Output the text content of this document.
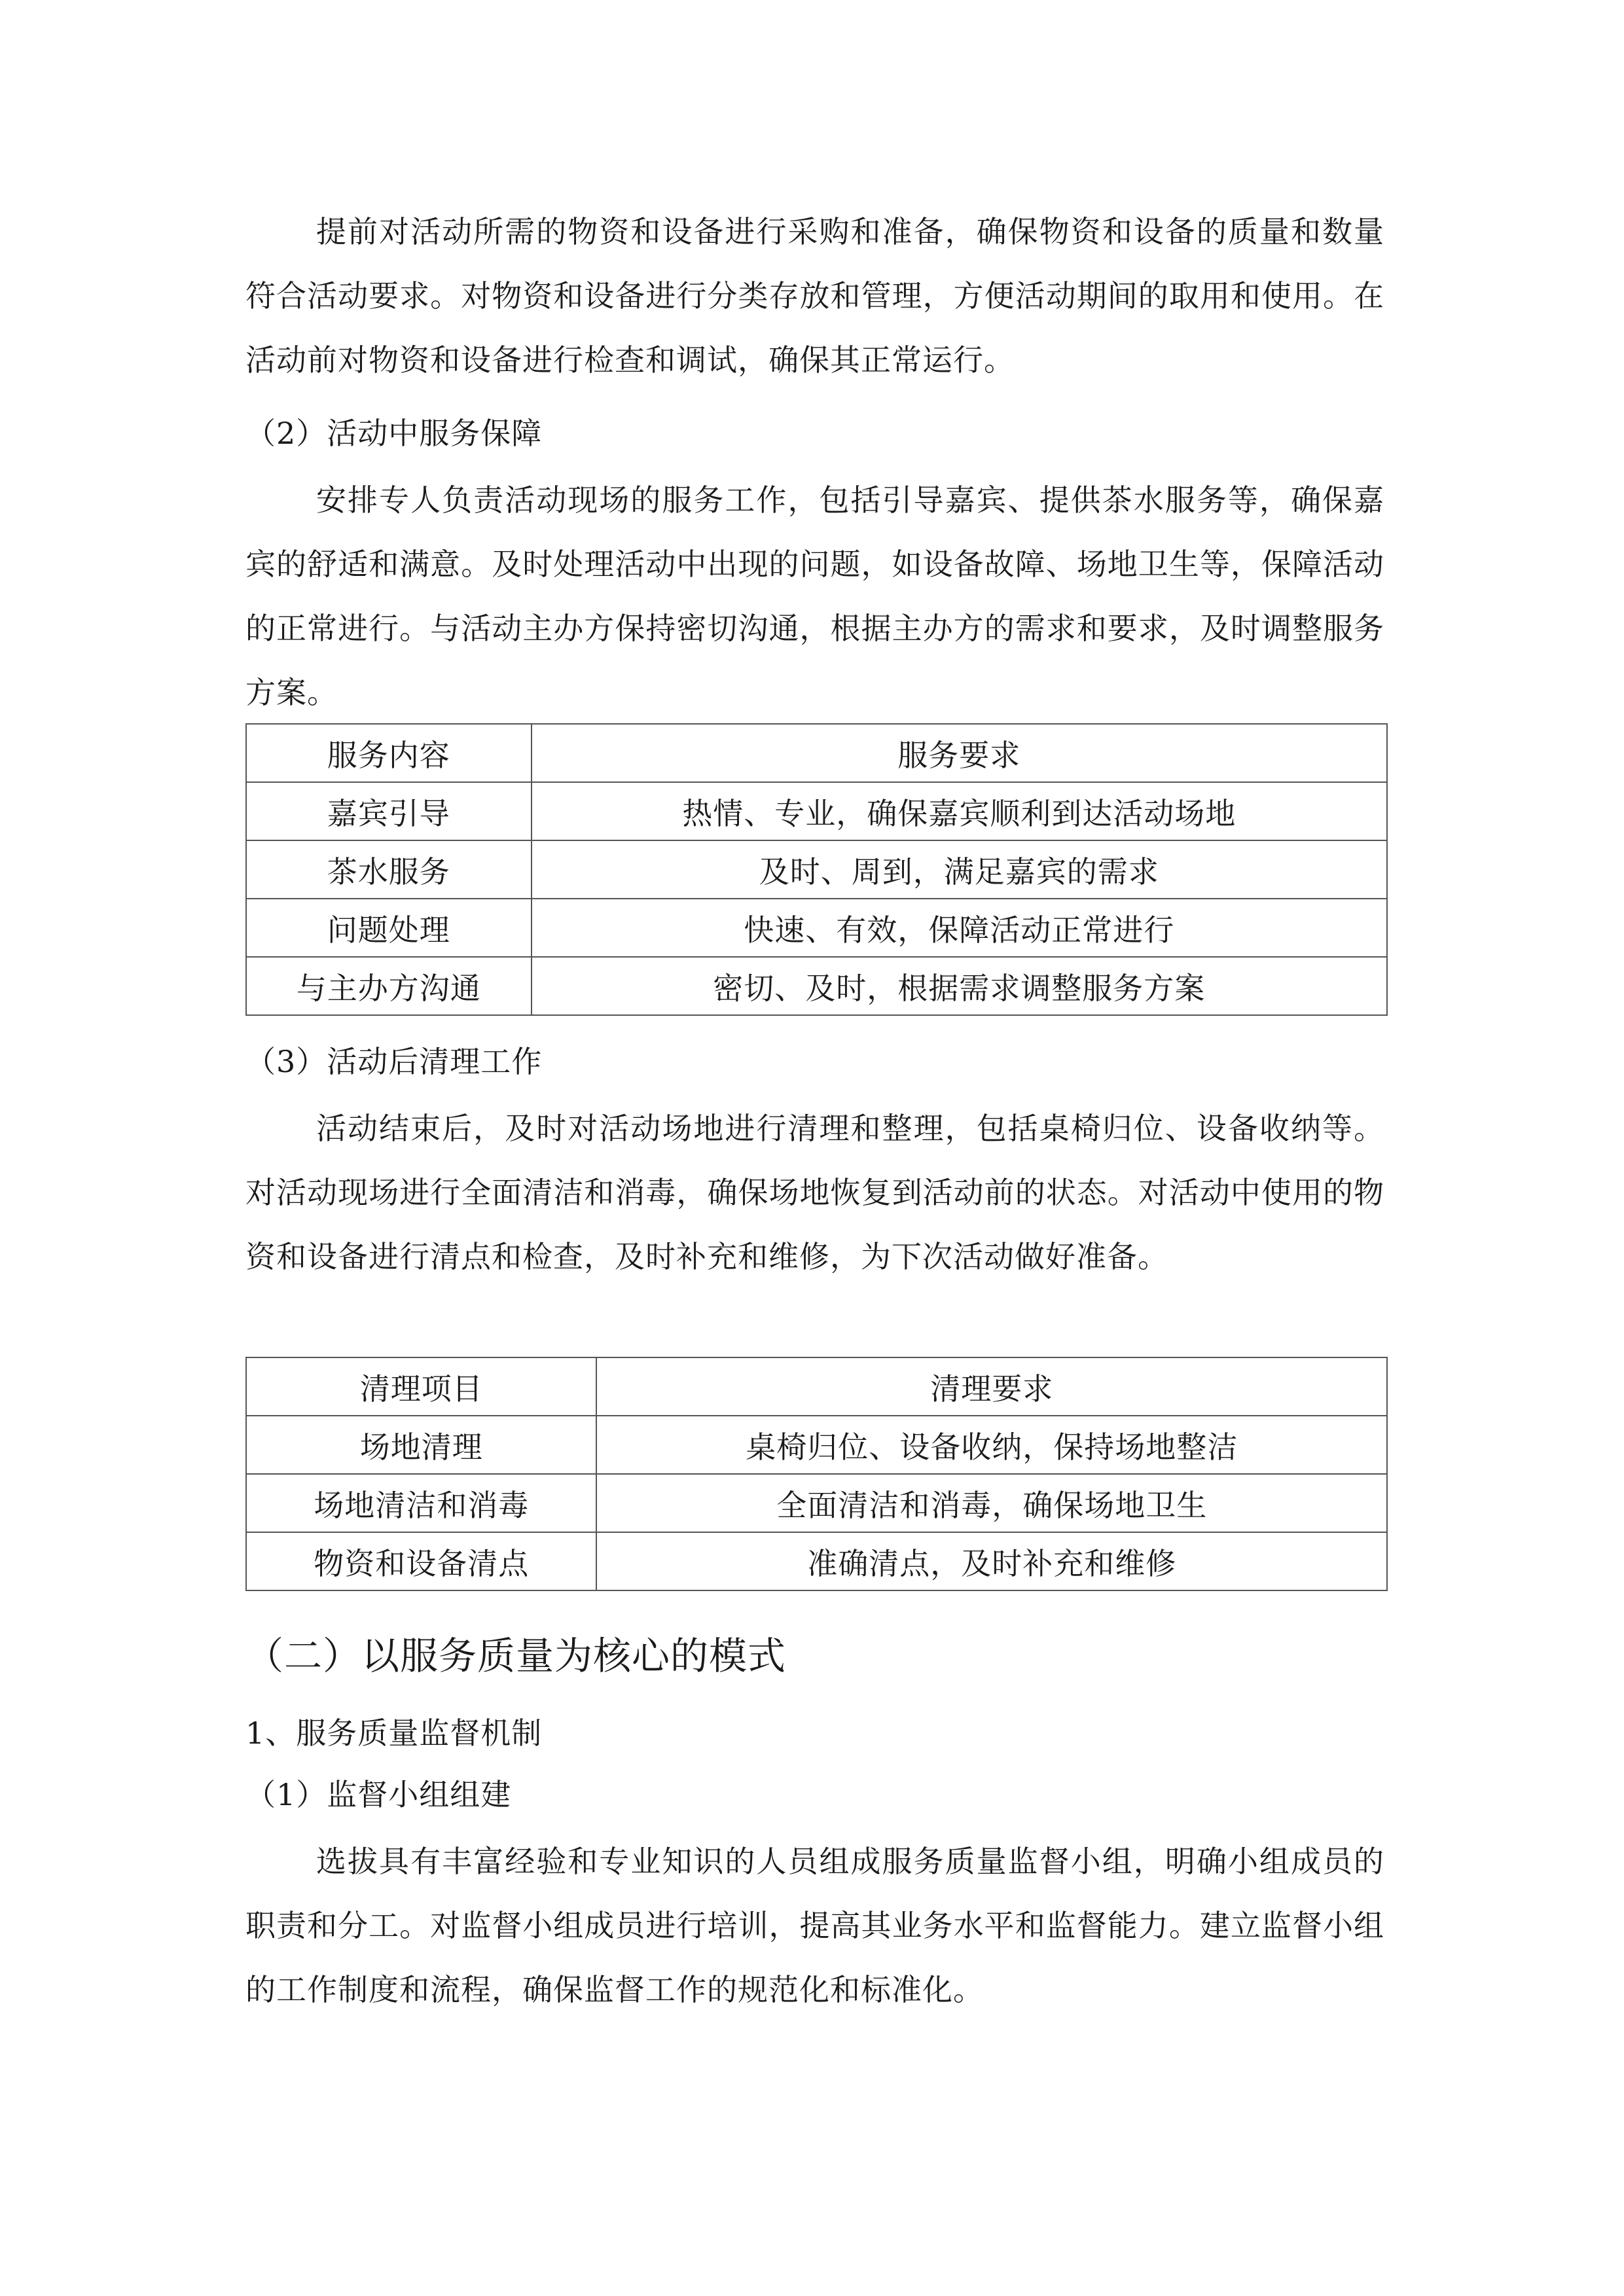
提前对活动所需的物资和设备进行采购和准备，确保物资和设备的质量和数量符合活动要求。对物资和设备进行分类存放和管理，方便活动期间的取用和使用。在活动前对物资和设备进行检查和调试，确保其正常运行。

（2）活动中服务保障

安排专人负责活动现场的服务工作，包括引导嘉宾、提供茶水服务等，确保嘉宾的舒适和满意。及时处理活动中出现的问题，如设备故障、场地卫生等，保障活动的正常进行。与活动主办方保持密切沟通，根据主办方的需求和要求，及时调整服务方案。

服务内容	服务要求
嘉宾引导	热情、专业，确保嘉宾顺利到达活动场地
茶水服务	及时、周到，满足嘉宾的需求
问题处理	快速、有效，保障活动正常进行
与主办方沟通	密切、及时，根据需求调整服务方案

（3）活动后清理工作

活动结束后，及时对活动场地进行清理和整理，包括桌椅归位、设备收纳等。对活动现场进行全面清洁和消毒，确保场地恢复到活动前的状态。对活动中使用的物资和设备进行清点和检查，及时补充和维修，为下次活动做好准备。

清理项目	清理要求
场地清理	桌椅归位、设备收纳，保持场地整洁
场地清洁和消毒	全面清洁和消毒，确保场地卫生
物资和设备清点	准确清点，及时补充和维修

（二）以服务质量为核心的模式

1、服务质量监督机制

（1）监督小组组建

选拔具有丰富经验和专业知识的人员组成服务质量监督小组，明确小组成员的职责和分工。对监督小组成员进行培训，提高其业务水平和监督能力。建立监督小组的工作制度和流程，确保监督工作的规范化和标准化。
